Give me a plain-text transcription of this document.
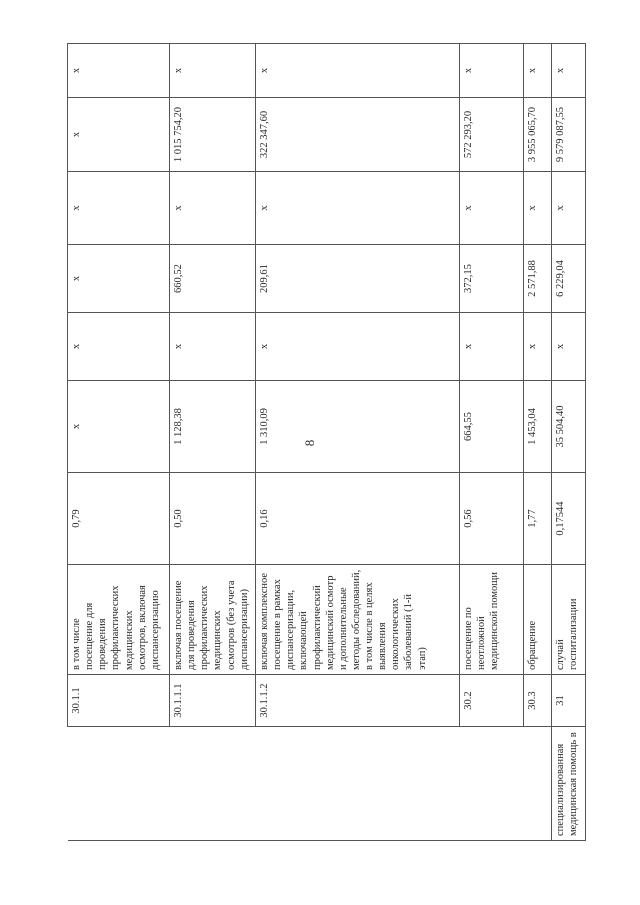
8
	30.1.1	в том числе посещение для проведения профилактических медицинских осмотров, включая диспансеризацию	0,79	х	х	х	х	х	х
	30.1.1.1	включая посещение для проведения профилактических медицинских осмотров (без учета диспансеризации)	0,50	1 128,38	х	660,52	х	1 015 754,20	х
	30.1.1.2	включая комплексное посещение в рамках диспансеризации, включающей профилактический медицинский осмотр и дополнительные методы обследований, в том числе в целях выявления онкологических заболеваний (1-й этап)	0,16	1 310,09	х	209,61	х	322 347,60	х
	30.2	посещение по неотложной медицинской помощи	0,56	664,55	х	372,15	х	572 293,20	х
	30.3	обращение	1,77	1 453,04	х	2 571,88	х	3 955 065,70	х
специализированная медицинская помощь в	31	случай госпитализации	0,17544	35 504,40	х	6 229,04	х	9 579 087,55	х
